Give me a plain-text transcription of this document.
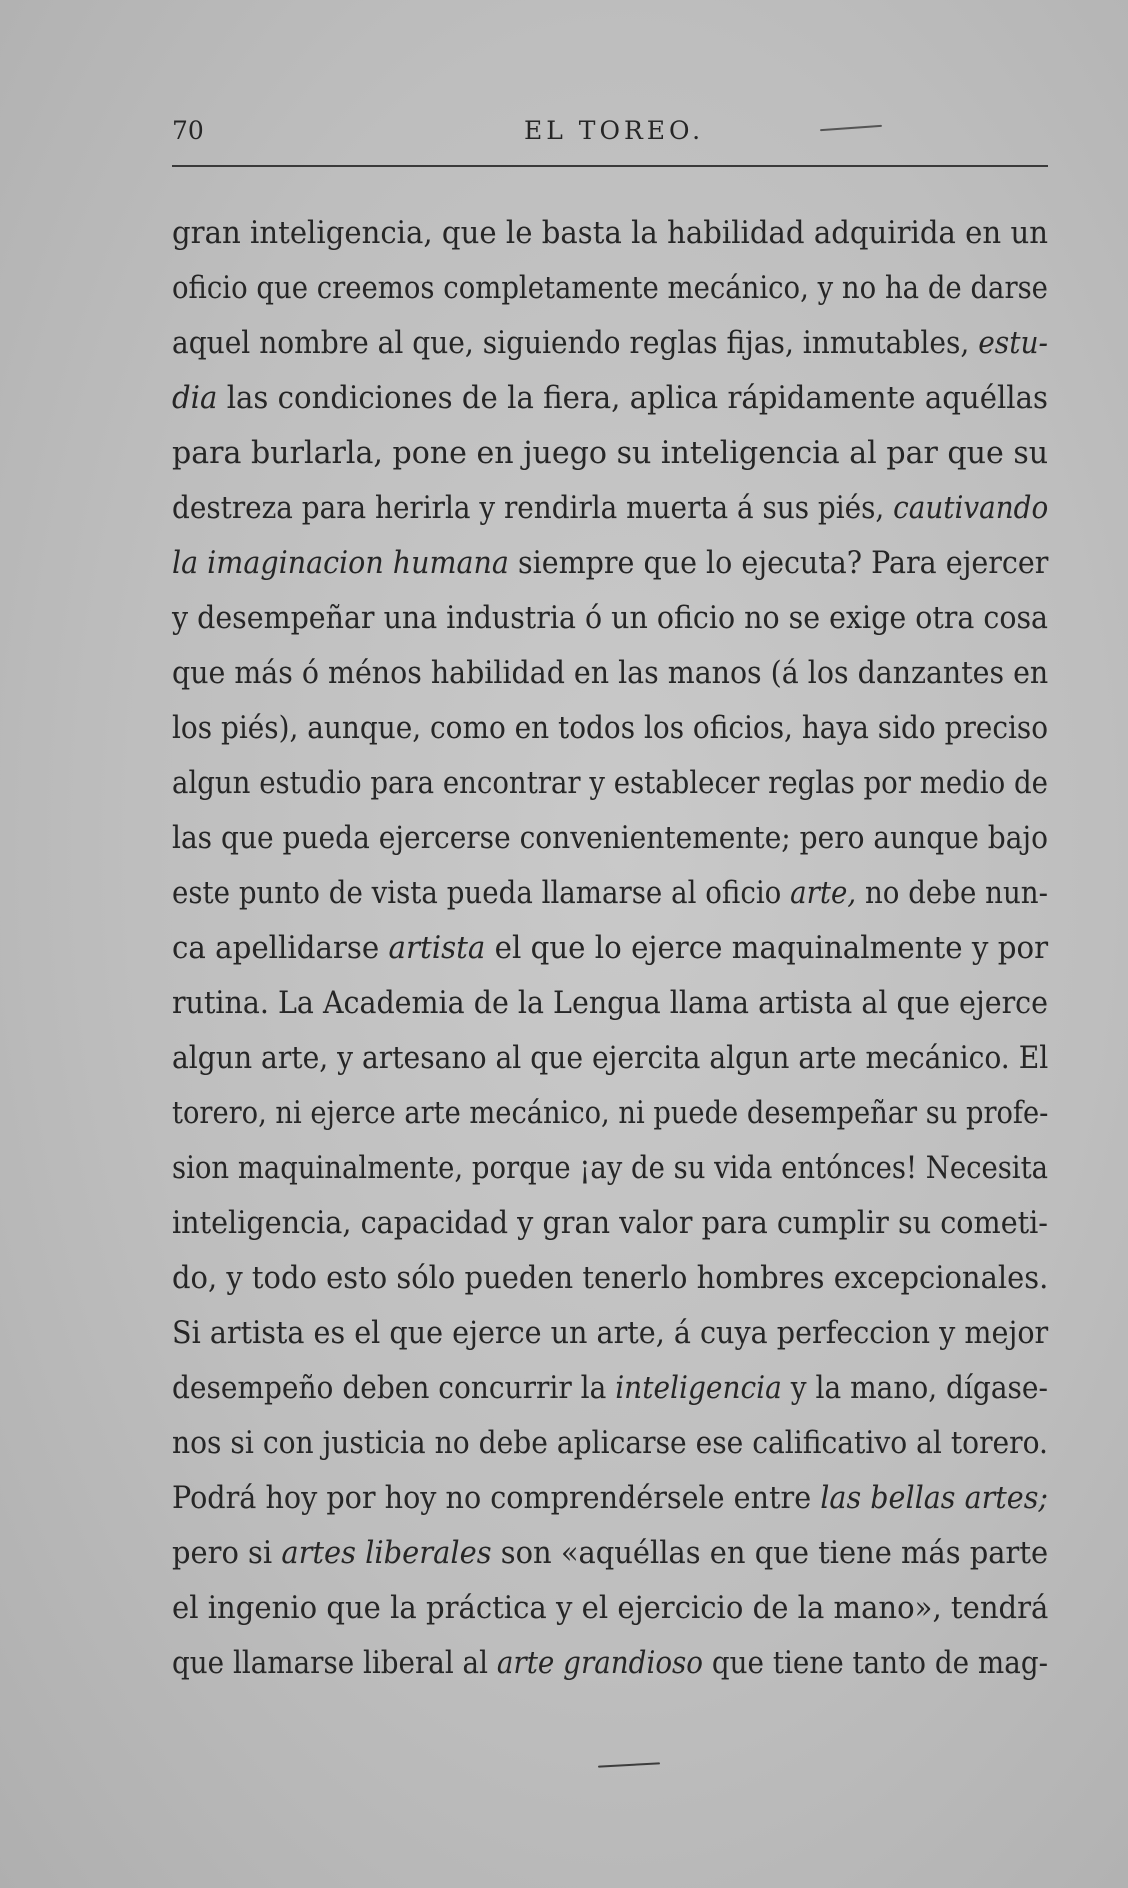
70	EL TOREO.
gran inteligencia, que le basta la habilidad adquirida en un
oficio que creemos completamente mecánico, y no ha de darse
aquel nombre al que, siguiendo reglas fijas, inmutables, estu-
dia las condiciones de la fiera, aplica rápidamente aquéllas
para burlarla, pone en juego su inteligencia al par que su
destreza para herirla y rendirla muerta á sus piés, cautivando
la imaginacion humana siempre que lo ejecuta? Para ejercer
y desempeñar una industria ó un oficio no se exige otra cosa
que más ó ménos habilidad en las manos (á los danzantes en
los piés), aunque, como en todos los oficios, haya sido preciso
algun estudio para encontrar y establecer reglas por medio de
las que pueda ejercerse convenientemente; pero aunque bajo
este punto de vista pueda llamarse al oficio arte, no debe nun-
ca apellidarse artista el que lo ejerce maquinalmente y por
rutina. La Academia de la Lengua llama artista al que ejerce
algun arte, y artesano al que ejercita algun arte mecánico. El
torero, ni ejerce arte mecánico, ni puede desempeñar su profe-
sion maquinalmente, porque ¡ay de su vida entónces! Necesita
inteligencia, capacidad y gran valor para cumplir su cometi-
do, y todo esto sólo pueden tenerlo hombres excepcionales.
Si artista es el que ejerce un arte, á cuya perfeccion y mejor
desempeño deben concurrir la inteligencia y la mano, dígase-
nos si con justicia no debe aplicarse ese calificativo al torero.
Podrá hoy por hoy no comprendérsele entre las bellas artes;
pero si artes liberales son «aquéllas en que tiene más parte
el ingenio que la práctica y el ejercicio de la mano», tendrá
que llamarse liberal al arte grandioso que tiene tanto de mag-
